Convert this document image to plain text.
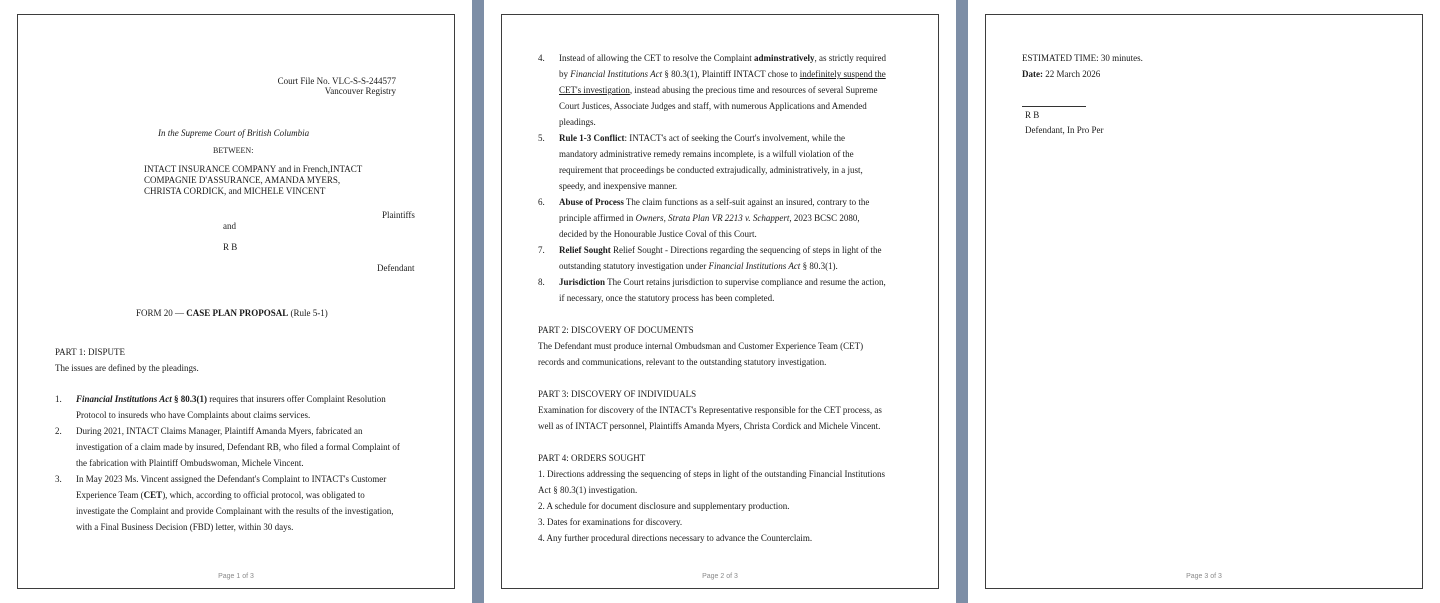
Court File No. VLC-S-S-244577
Vancouver Registry
In the Supreme Court of British Columbia
BETWEEN:
INTACT INSURANCE COMPANY and in French,INTACT
COMPAGNIE D'ASSURANCE, AMANDA MYERS,
CHRISTA CORDICK, and MICHELE VINCENT
Plaintiffs
and
R B
Defendant
FORM 20 — CASE PLAN PROPOSAL (Rule 5-1)
PART 1: DISPUTE
The issues are defined by the pleadings.
1.	Financial Institutions Act § 80.3(1) requires that insurers offer Complaint Resolution
Protocol to insureds who have Complaints about claims services.
2.	During 2021, INTACT Claims Manager, Plaintiff Amanda Myers, fabricated an
investigation of a claim made by insured, Defendant RB, who filed a formal Complaint of
the fabrication with Plaintiff Ombudswoman, Michele Vincent.
3.	In May 2023 Ms. Vincent assigned the Defendant's Complaint to INTACT's Customer
Experience Team (CET), which, according to official protocol, was obligated to
investigate the Complaint and provide Complainant with the results of the investigation,
with a Final Business Decision (FBD) letter, within 30 days.
Page 1 of 3
4.	Instead of allowing the CET to resolve the Complaint adminstratively, as strictly required
by Financial Institutions Act § 80.3(1), Plaintiff INTACT chose to indefinitely suspend the
CET's investigation, instead abusing the precious time and resources of several Supreme
Court Justices, Associate Judges and staff, with numerous Applications and Amended
pleadings.
5.	Rule 1-3 Conflict: INTACT's act of seeking the Court's involvement, while the
mandatory administrative remedy remains incomplete, is a wilfull violation of the
requirement that proceedings be conducted extrajudically, administratively, in a just,
speedy, and inexpensive manner.
6.	Abuse of Process The claim functions as a self-suit against an insured, contrary to the
principle affirmed in Owners, Strata Plan VR 2213 v. Schappert, 2023 BCSC 2080,
decided by the Honourable Justice Coval of this Court.
7.	Relief Sought Relief Sought - Directions regarding the sequencing of steps in light of the
outstanding statutory investigation under Financial Institutions Act § 80.3(1).
8.	Jurisdiction The Court retains jurisdiction to supervise compliance and resume the action,
if necessary, once the statutory process has been completed.
PART 2: DISCOVERY OF DOCUMENTS
The Defendant must produce internal Ombudsman and Customer Experience Team (CET)
records and communications, relevant to the outstanding statutory investigation.
PART 3: DISCOVERY OF INDIVIDUALS
Examination for discovery of the INTACT's Representative responsible for the CET process, as
well as of INTACT personnel, Plaintiffs Amanda Myers, Christa Cordick and Michele Vincent.
PART 4: ORDERS SOUGHT
1. Directions addressing the sequencing of steps in light of the outstanding Financial Institutions
Act § 80.3(1) investigation.
2. A schedule for document disclosure and supplementary production.
3. Dates for examinations for discovery.
4. Any further procedural directions necessary to advance the Counterclaim.
Page 2 of 3
ESTIMATED TIME: 30 minutes.
Date: 22 March 2026
R B
Defendant, In Pro Per
Page 3 of 3
